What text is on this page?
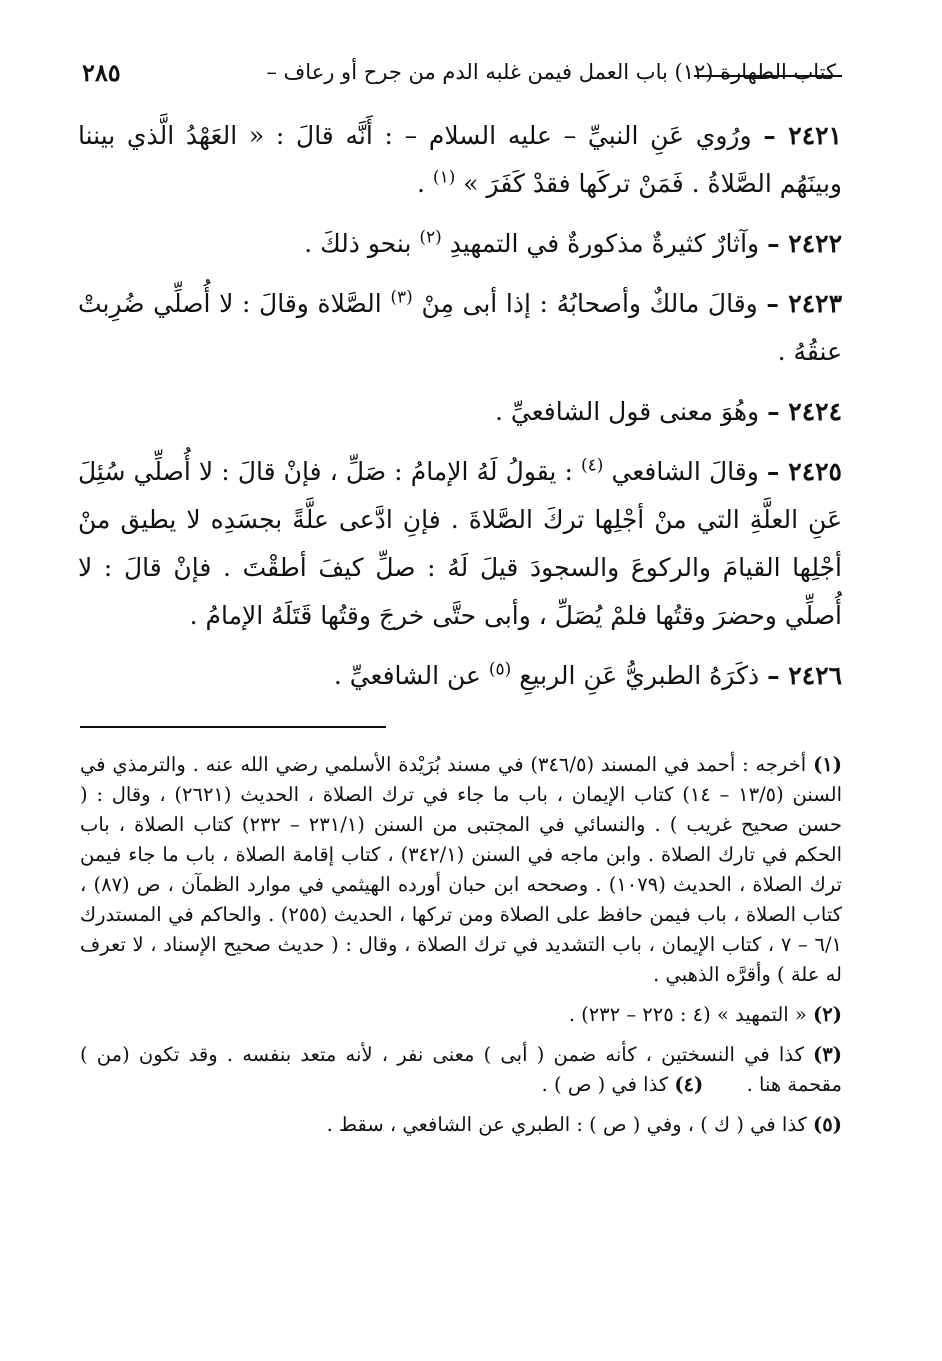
كتاب الطهارة (١٢) باب العمل فيمن غلبه الدم من جرح أو رعاف –
٢٨٥

٢٤٢١ – ورُوي عَنِ النبيِّ – عليه السلام – : أَنَّه قالَ : « العَهْدُ الَّذي بيننا وبينَهُم الصَّلاةُ . فَمَنْ تركَها فقدْ كَفَرَ » $^{(١)}$ .

٢٤٢٢ – وآثارٌ كثيرةٌ مذكورةٌ في التمهيدِ $^{(٢)}$ بنحو ذلكَ .

٢٤٢٣ – وقالَ مالكٌ وأصحابُهُ : إذا أبى مِنْ $^{(٣)}$ الصَّلاة وقالَ : لا أُصلِّي ضُرِبتْ عنقُهُ .

٢٤٢٤ – وهُوَ معنى قول الشافعيِّ .

٢٤٢٥ – وقالَ الشافعي $^{(٤)}$ : يقولُ لَهُ الإمامُ : صَلِّ ، فإنْ قالَ : لا أُصلِّي سُئِلَ عَنِ العلَّةِ التي منْ أجْلِها تركَ الصَّلاةَ . فإنِ ادَّعى علَّةً بجسَدِه لا يطيق منْ أجْلِها القيامَ والركوعَ والسجودَ قيلَ لَهُ : صلِّ كيفَ أطقْتَ . فإنْ قالَ : لا أُصلِّي وحضرَ وقتُها فلمْ يُصَلِّ ، وأبى حتَّى خرجَ وقتُها قَتَلَهُ الإمامُ .

٢٤٢٦ – ذكَرَهُ الطبريُّ عَنِ الربيعِ $^{(٥)}$ عن الشافعيِّ .

(١) أخرجه : أحمد في المسند (٣٤٦/٥) في مسند بُرَيْدة الأسلمي رضي الله عنه . والترمذي في السنن (١٣/٥ – ١٤) كتاب الإيمان ، باب ما جاء في ترك الصلاة ، الحديث (٢٦٢١) ، وقال : ( حسن صحيح غريب ) . والنسائي في المجتبى من السنن (٢٣١/١ – ٢٣٢) كتاب الصلاة ، باب الحكم في تارك الصلاة . وابن ماجه في السنن (٣٤٢/١) ، كتاب إقامة الصلاة ، باب ما جاء فيمن ترك الصلاة ، الحديث (١٠٧٩) . وصححه ابن حبان أورده الهيثمي في موارد الظمآن ، ص (٨٧) ، كتاب الصلاة ، باب فيمن حافظ على الصلاة ومن تركها ، الحديث (٢٥٥) . والحاكم في المستدرك ٦/١ – ٧ ، كتاب الإيمان ، باب التشديد في ترك الصلاة ، وقال : ( حديث صحيح الإسناد ، لا تعرف له علة ) وأقرَّه الذهبي .

(٢) « التمهيد » (٤ : ٢٢٥ – ٢٣٢) .

(٣) كذا في النسختين ، كأنه ضمن ( أبى ) معنى نفر ، لأنه متعد بنفسه . وقد تكون (من ) مقحمة هنا .       (٤) كذا في ( ص ) .

(٥) كذا في ( ك ) ، وفي ( ص ) : الطبري عن الشافعي ، سقط .
